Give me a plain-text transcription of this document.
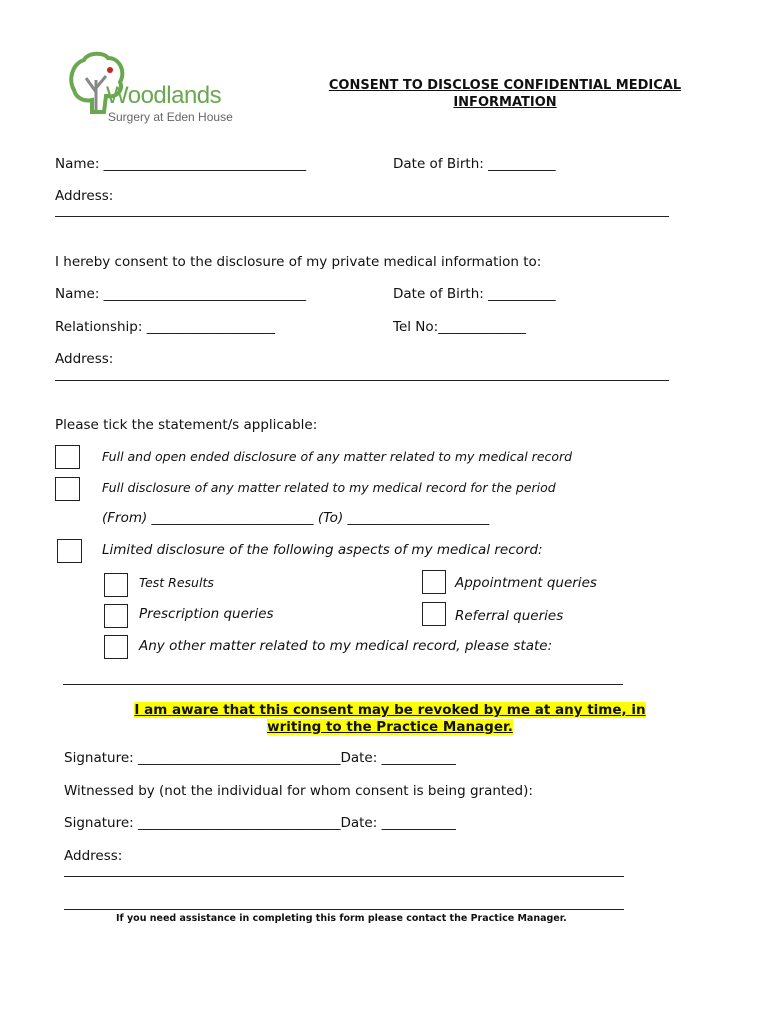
Woodlands
Surgery at Eden House
CONSENT TO DISCLOSE CONFIDENTIAL MEDICAL INFORMATION
Name: ______________________________	Date of Birth: __________
Address:
I hereby consent to the disclosure of my private medical information to:
Name: ______________________________	Date of Birth: __________
Relationship: ___________________	Tel No:_____________
Address:
Please tick the statement/s applicable:
Full and open ended disclosure of any matter related to my medical record
Full disclosure of any matter related to my medical record for the period
(From) ________________________ (To) _____________________
Limited disclosure of the following aspects of my medical record:
Test Results	Appointment queries
Prescription queries	Referral queries
Any other matter related to my medical record, please state:
I am aware that this consent may be revoked by me at any time, in
writing to the Practice Manager.
Signature: ______________________________Date: ___________
Witnessed by (not the individual for whom consent is being granted):
Signature: ______________________________Date: ___________
Address:
If you need assistance in completing this form please contact the Practice Manager.
